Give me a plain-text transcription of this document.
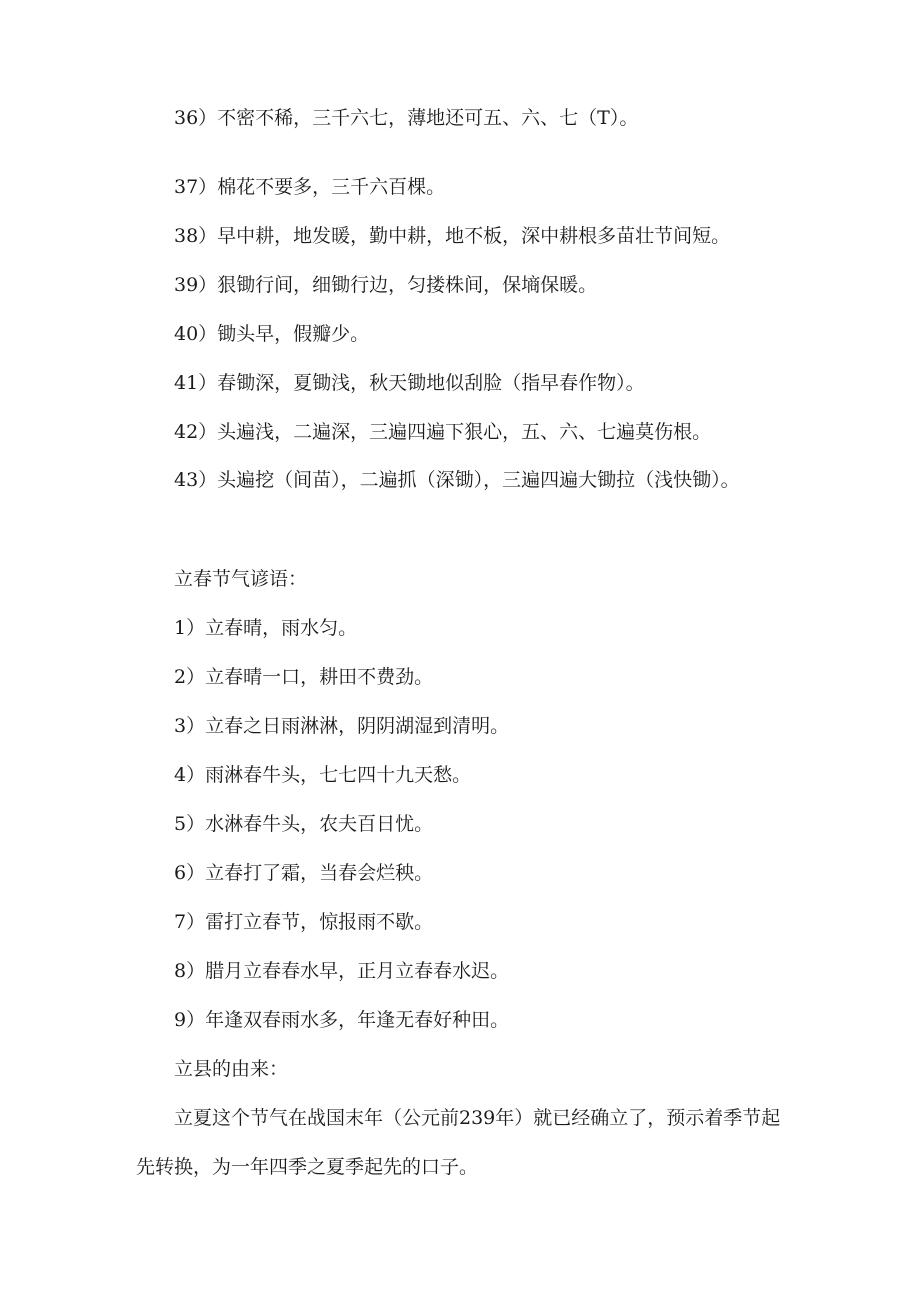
36）不密不稀，三千六七，薄地还可五、六、七（T）。

37）棉花不要多，三千六百棵。

38）早中耕，地发暖，勤中耕，地不板，深中耕根多苗壮节间短。

39）狠锄行间，细锄行边，匀搂株间，保墒保暖。

40）锄头早，假瓣少。

41）春锄深，夏锄浅，秋天锄地似刮脸（指早春作物）。

42）头遍浅，二遍深，三遍四遍下狠心，五、六、七遍莫伤根。

43）头遍挖（间苗），二遍抓（深锄），三遍四遍大锄拉（浅快锄）。

立春节气谚语：

1）立春晴，雨水匀。

2）立春晴一口，耕田不费劲。

3）立春之日雨淋淋，阴阴湖湿到清明。

4）雨淋春牛头，七七四十九天愁。

5）水淋春牛头，农夫百日忧。

6）立春打了霜，当春会烂秧。

7）雷打立春节，惊报雨不歇。

8）腊月立春春水早，正月立春春水迟。

9）年逢双春雨水多，年逢无春好种田。

立县的由来：

立夏这个节气在战国末年（公元前239年）就已经确立了，预示着季节起先转换，为一年四季之夏季起先的口子。
